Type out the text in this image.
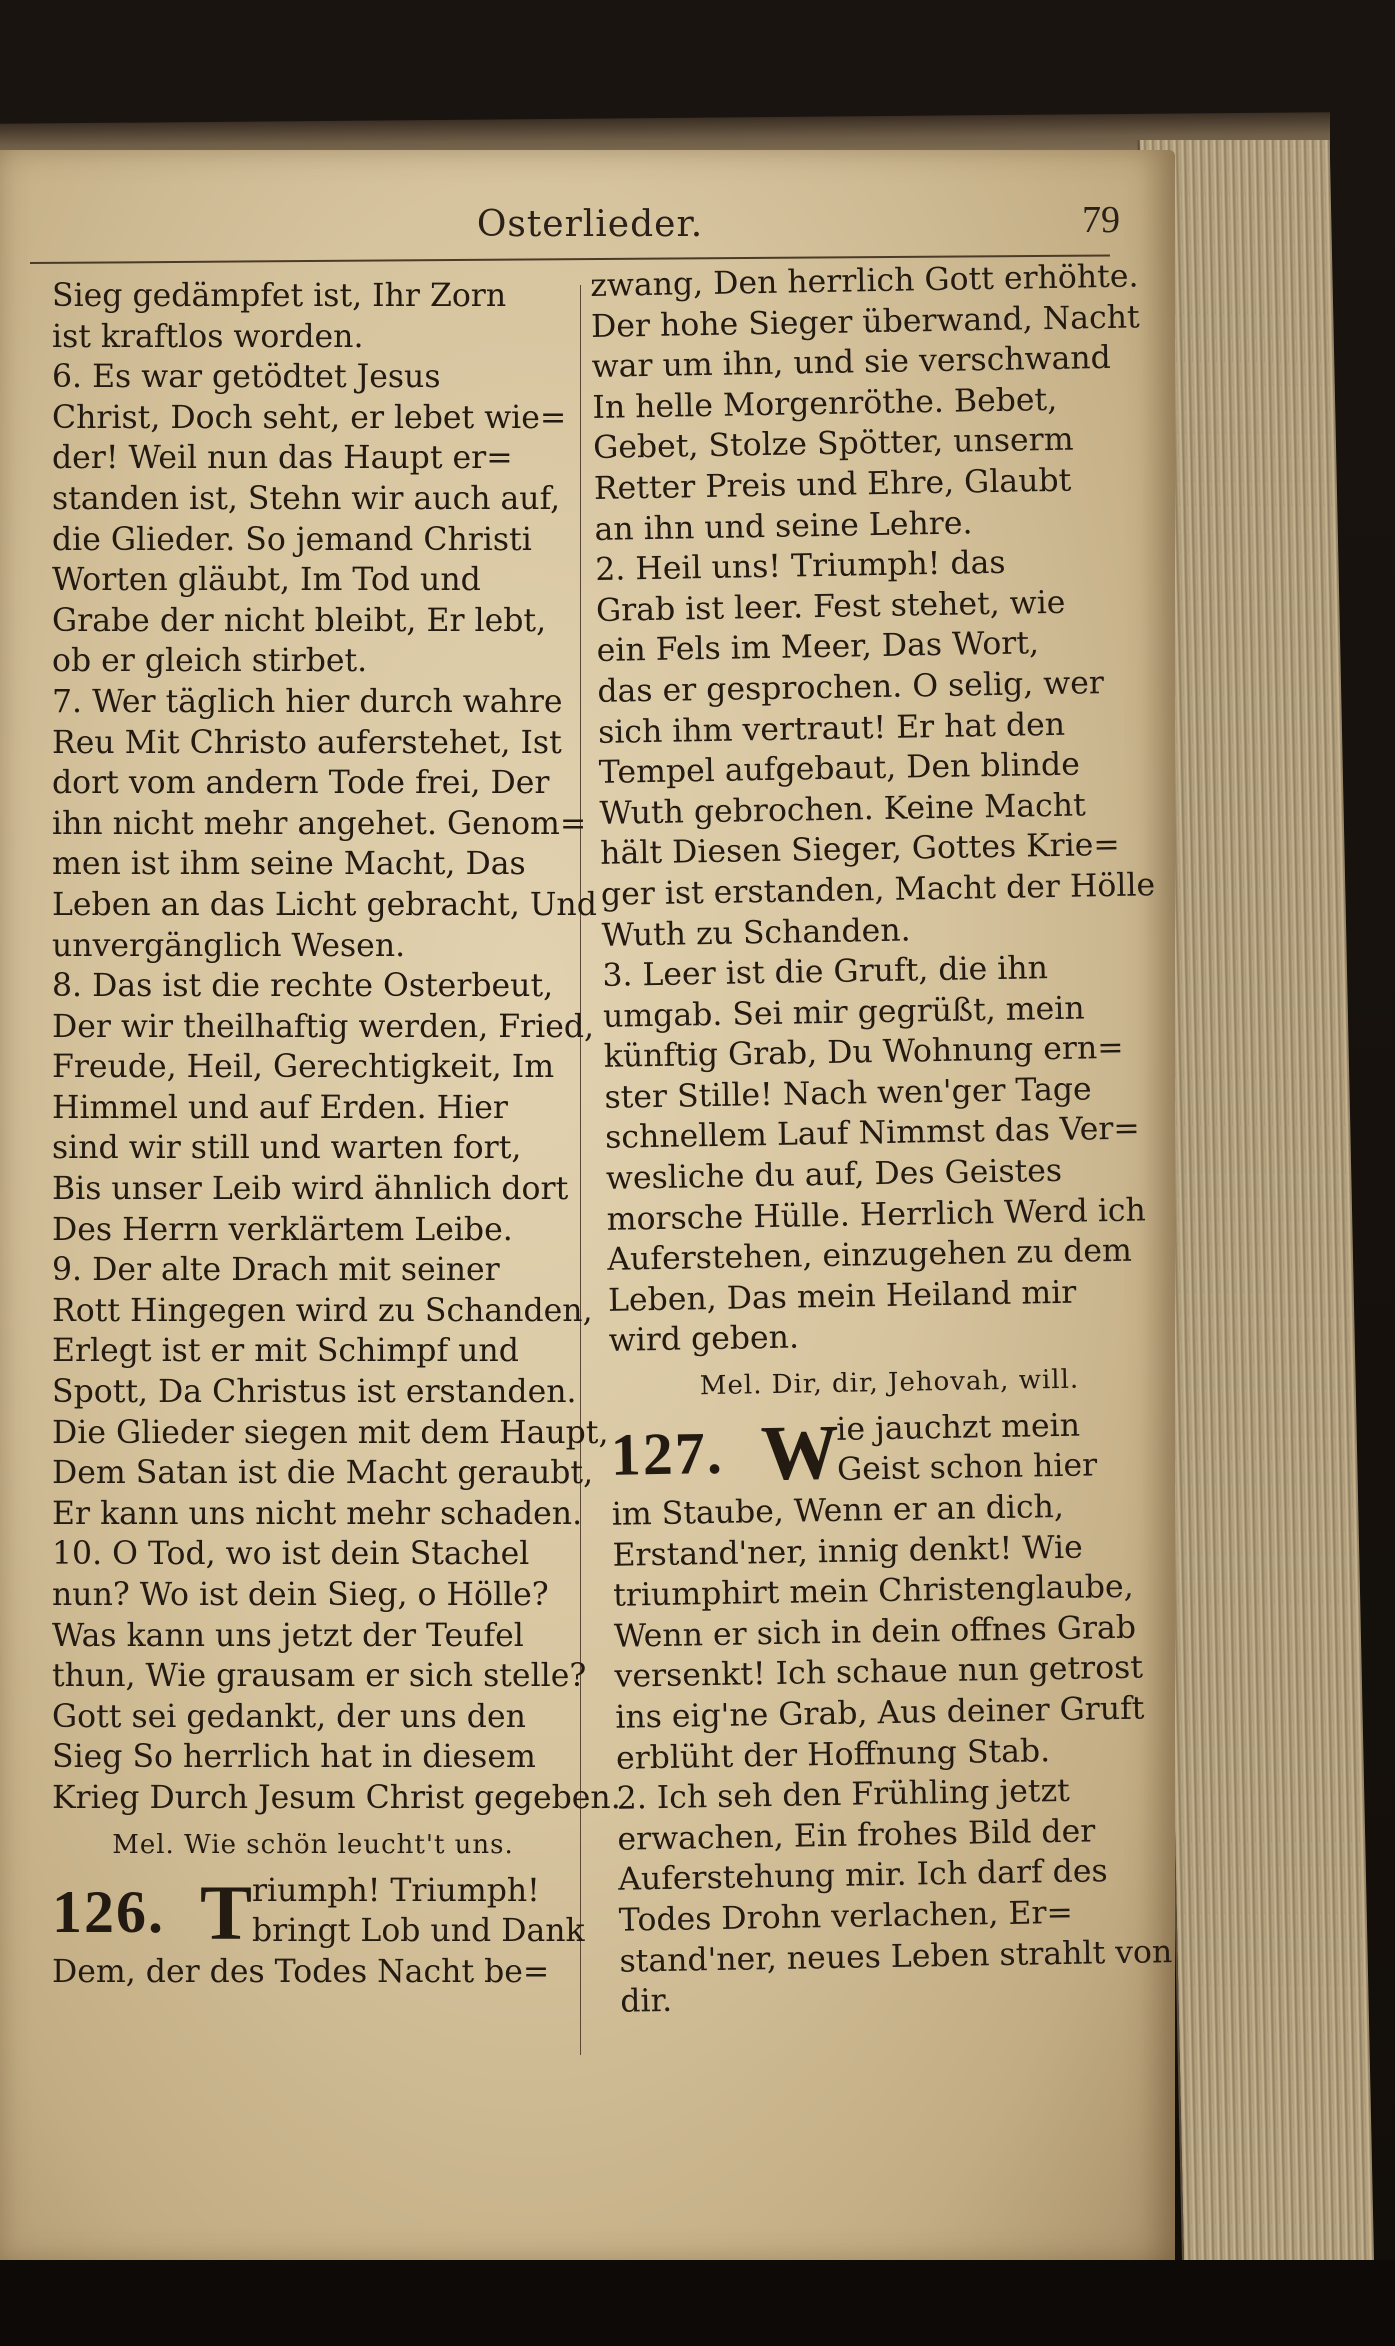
Osterlieder.	79
Sieg gedämpfet ist, Ihr Zorn
ist kraftlos worden.
6. Es war getödtet Jesus
Christ, Doch seht, er lebet wie=
der! Weil nun das Haupt er=
standen ist, Stehn wir auch auf,
die Glieder. So jemand Christi
Worten gläubt, Im Tod und
Grabe der nicht bleibt, Er lebt,
ob er gleich stirbet.
7. Wer täglich hier durch wahre
Reu Mit Christo auferstehet, Ist
dort vom andern Tode frei, Der
ihn nicht mehr angehet. Genom=
men ist ihm seine Macht, Das
Leben an das Licht gebracht, Und
unvergänglich Wesen.
8. Das ist die rechte Osterbeut,
Der wir theilhaftig werden, Fried,
Freude, Heil, Gerechtigkeit, Im
Himmel und auf Erden. Hier
sind wir still und warten fort,
Bis unser Leib wird ähnlich dort
Des Herrn verklärtem Leibe.
9. Der alte Drach mit seiner
Rott Hingegen wird zu Schanden,
Erlegt ist er mit Schimpf und
Spott, Da Christus ist erstanden.
Die Glieder siegen mit dem Haupt,
Dem Satan ist die Macht geraubt,
Er kann uns nicht mehr schaden.
10. O Tod, wo ist dein Stachel
nun? Wo ist dein Sieg, o Hölle?
Was kann uns jetzt der Teufel
thun, Wie grausam er sich stelle?
Gott sei gedankt, der uns den
Sieg So herrlich hat in diesem
Krieg Durch Jesum Christ gegeben.
Mel. Wie schön leucht't uns.
126. T riumph! Triumph!
bringt Lob und Dank
Dem, der des Todes Nacht be=
zwang, Den herrlich Gott erhöhte.
Der hohe Sieger überwand, Nacht
war um ihn, und sie verschwand
In helle Morgenröthe. Bebet,
Gebet, Stolze Spötter, unserm
Retter Preis und Ehre, Glaubt
an ihn und seine Lehre.
2. Heil uns! Triumph! das
Grab ist leer. Fest stehet, wie
ein Fels im Meer, Das Wort,
das er gesprochen. O selig, wer
sich ihm vertraut! Er hat den
Tempel aufgebaut, Den blinde
Wuth gebrochen. Keine Macht
hält Diesen Sieger, Gottes Krie=
ger ist erstanden, Macht der Hölle
Wuth zu Schanden.
3. Leer ist die Gruft, die ihn
umgab. Sei mir gegrüßt, mein
künftig Grab, Du Wohnung ern=
ster Stille! Nach wen'ger Tage
schnellem Lauf Nimmst das Ver=
wesliche du auf, Des Geistes
morsche Hülle. Herrlich Werd ich
Auferstehen, einzugehen zu dem
Leben, Das mein Heiland mir
wird geben.
Mel. Dir, dir, Jehovah, will.
127. W
ie jauchzt mein
Geist schon hier
im Staube, Wenn er an dich,
Erstand'ner, innig denkt! Wie
triumphirt mein Christenglaube,
Wenn er sich in dein offnes Grab
versenkt! Ich schaue nun getrost
ins eig'ne Grab, Aus deiner Gruft
erblüht der Hoffnung Stab.
2. Ich seh den Frühling jetzt
erwachen, Ein frohes Bild der
Auferstehung mir. Ich darf des
Todes Drohn verlachen, Er=
stand'ner, neues Leben strahlt von
dir.
